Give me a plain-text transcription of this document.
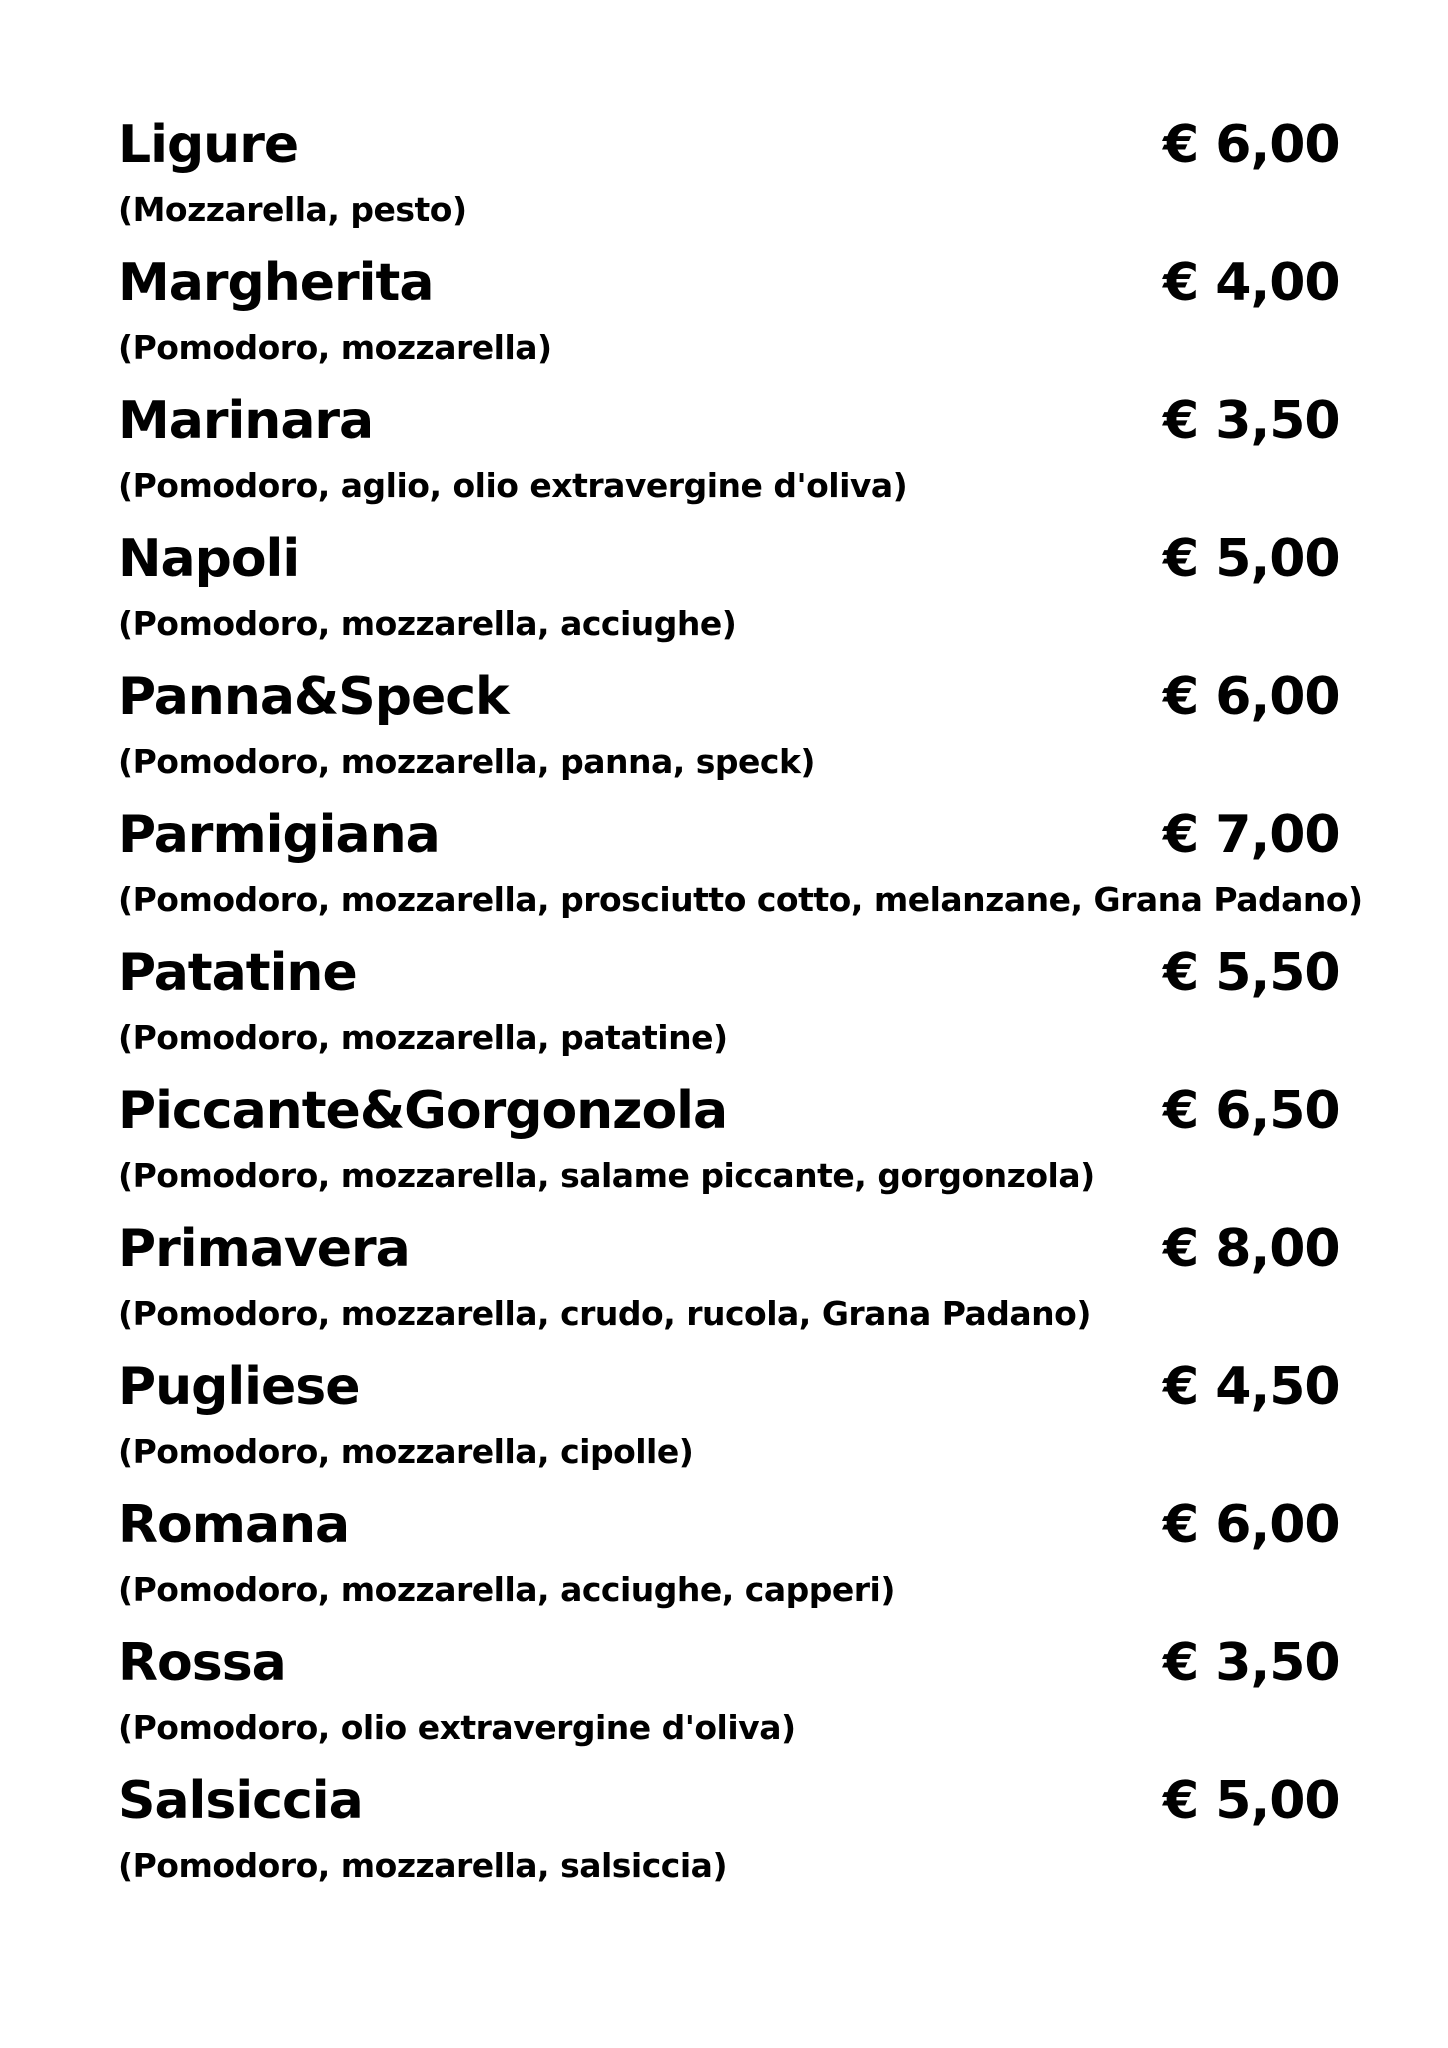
Ligure	€ 6,00
(Mozzarella, pesto)
Margherita	€ 4,00
(Pomodoro, mozzarella)
Marinara	€ 3,50
(Pomodoro, aglio, olio extravergine d'oliva)
Napoli	€ 5,00
(Pomodoro, mozzarella, acciughe)
Panna&Speck	€ 6,00
(Pomodoro, mozzarella, panna, speck)
Parmigiana	€ 7,00
(Pomodoro, mozzarella, prosciutto cotto, melanzane, Grana Padano)
Patatine	€ 5,50
(Pomodoro, mozzarella, patatine)
Piccante&Gorgonzola	€ 6,50
(Pomodoro, mozzarella, salame piccante, gorgonzola)
Primavera	€ 8,00
(Pomodoro, mozzarella, crudo, rucola, Grana Padano)
Pugliese	€ 4,50
(Pomodoro, mozzarella, cipolle)
Romana	€ 6,00
(Pomodoro, mozzarella, acciughe, capperi)
Rossa	€ 3,50
(Pomodoro, olio extravergine d'oliva)
Salsiccia	€ 5,00
(Pomodoro, mozzarella, salsiccia)
